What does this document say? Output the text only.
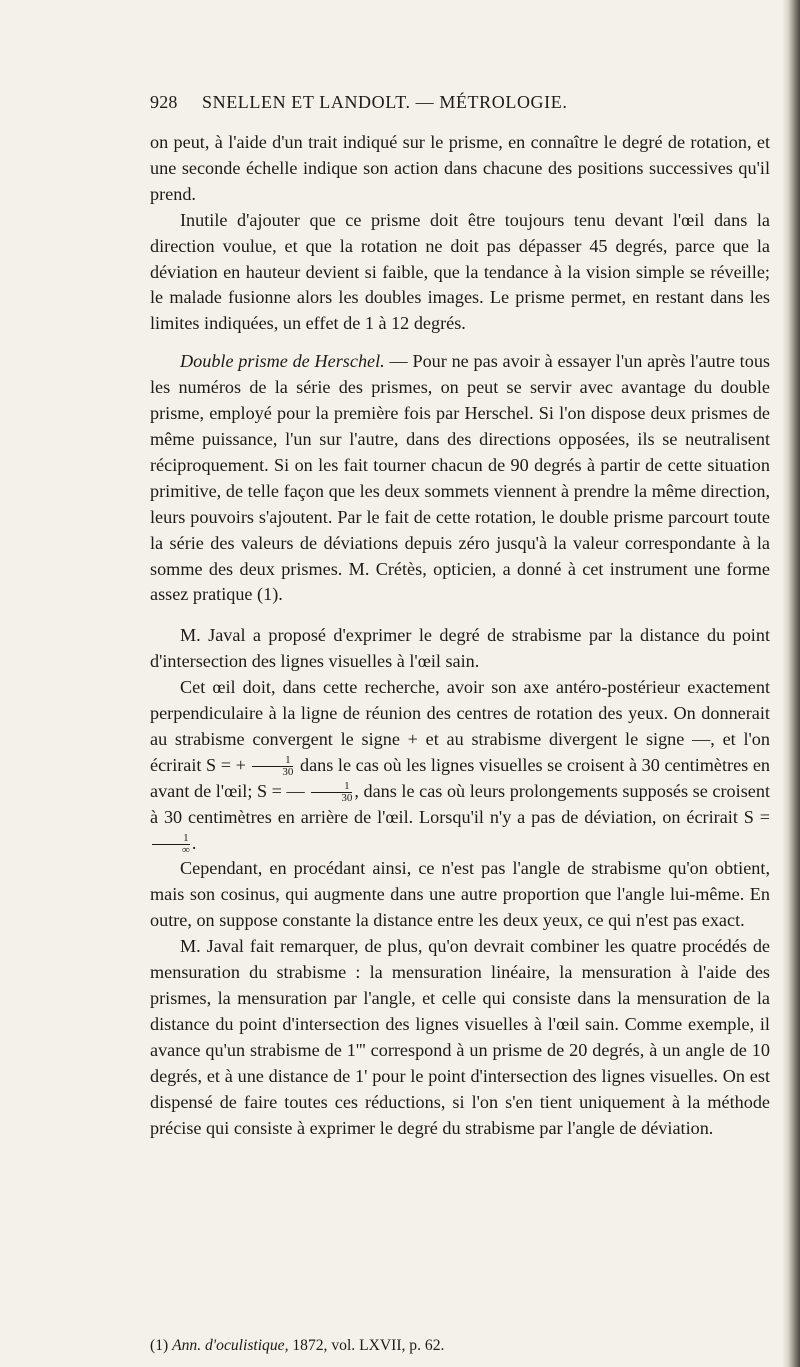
928 SNELLEN ET LANDOLT. — MÉTROLOGIE.

on peut, à l'aide d'un trait indiqué sur le prisme, en connaître le degré de rotation, et une seconde échelle indique son action dans chacune des positions successives qu'il prend.

Inutile d'ajouter que ce prisme doit être toujours tenu devant l'œil dans la direction voulue, et que la rotation ne doit pas dépasser 45 degrés, parce que la déviation en hauteur devient si faible, que la tendance à la vision simple se réveille; le malade fusionne alors les doubles images. Le prisme permet, en restant dans les limites indiquées, un effet de 1 à 12 degrés.

Double prisme de Herschel. — Pour ne pas avoir à essayer l'un après l'autre tous les numéros de la série des prismes, on peut se servir avec avantage du double prisme, employé pour la première fois par Herschel. Si l'on dispose deux prismes de même puissance, l'un sur l'autre, dans des directions opposées, ils se neutralisent réciproquement. Si on les fait tourner chacun de 90 degrés à partir de cette situation primitive, de telle façon que les deux sommets viennent à prendre la même direction, leurs pouvoirs s'ajoutent. Par le fait de cette rotation, le double prisme parcourt toute la série des valeurs de déviations depuis zéro jusqu'à la valeur correspondante à la somme des deux prismes. M. Crétès, opticien, a donné à cet instrument une forme assez pratique (1).

M. Javal a proposé d'exprimer le degré de strabisme par la distance du point d'intersection des lignes visuelles à l'œil sain.

Cet œil doit, dans cette recherche, avoir son axe antéro-postérieur exactement perpendiculaire à la ligne de réunion des centres de rotation des yeux. On donnerait au strabisme convergent le signe + et au strabisme divergent le signe —, et l'on écrirait S = + $\frac{1}{30}$ dans le cas où les lignes visuelles se croisent à 30 centimètres en avant de l'œil; S = — $\frac{1}{30}$ , dans le cas où leurs prolongements supposés se croisent à 30 centimètres en arrière de l'œil. Lorsqu'il n'y a pas de déviation, on écrirait S =
$\frac{1}{\infty}$ .

Cependant, en procédant ainsi, ce n'est pas l'angle de strabisme qu'on obtient, mais son cosinus, qui augmente dans une autre proportion que l'angle lui-même. En outre, on suppose constante la distance entre les deux yeux, ce qui n'est pas exact.

M. Javal fait remarquer, de plus, qu'on devrait combiner les quatre procédés de mensuration du strabisme : la mensuration linéaire, la mensuration à l'aide des prismes, la mensuration par l'angle, et celle qui consiste dans la mensuration de la distance du point d'intersection des lignes visuelles à l'œil sain. Comme exemple, il avance qu'un strabisme de 1''' correspond à un prisme de 20 degrés, à un angle de 10 degrés, et à une distance de 1' pour le point d'intersection des lignes visuelles. On est dispensé de faire toutes ces réductions, si l'on s'en tient uniquement à la méthode précise qui consiste à exprimer le degré du strabisme par l'angle de déviation.

(1) Ann. d'oculistique, 1872, vol. LXVII, p. 62.
